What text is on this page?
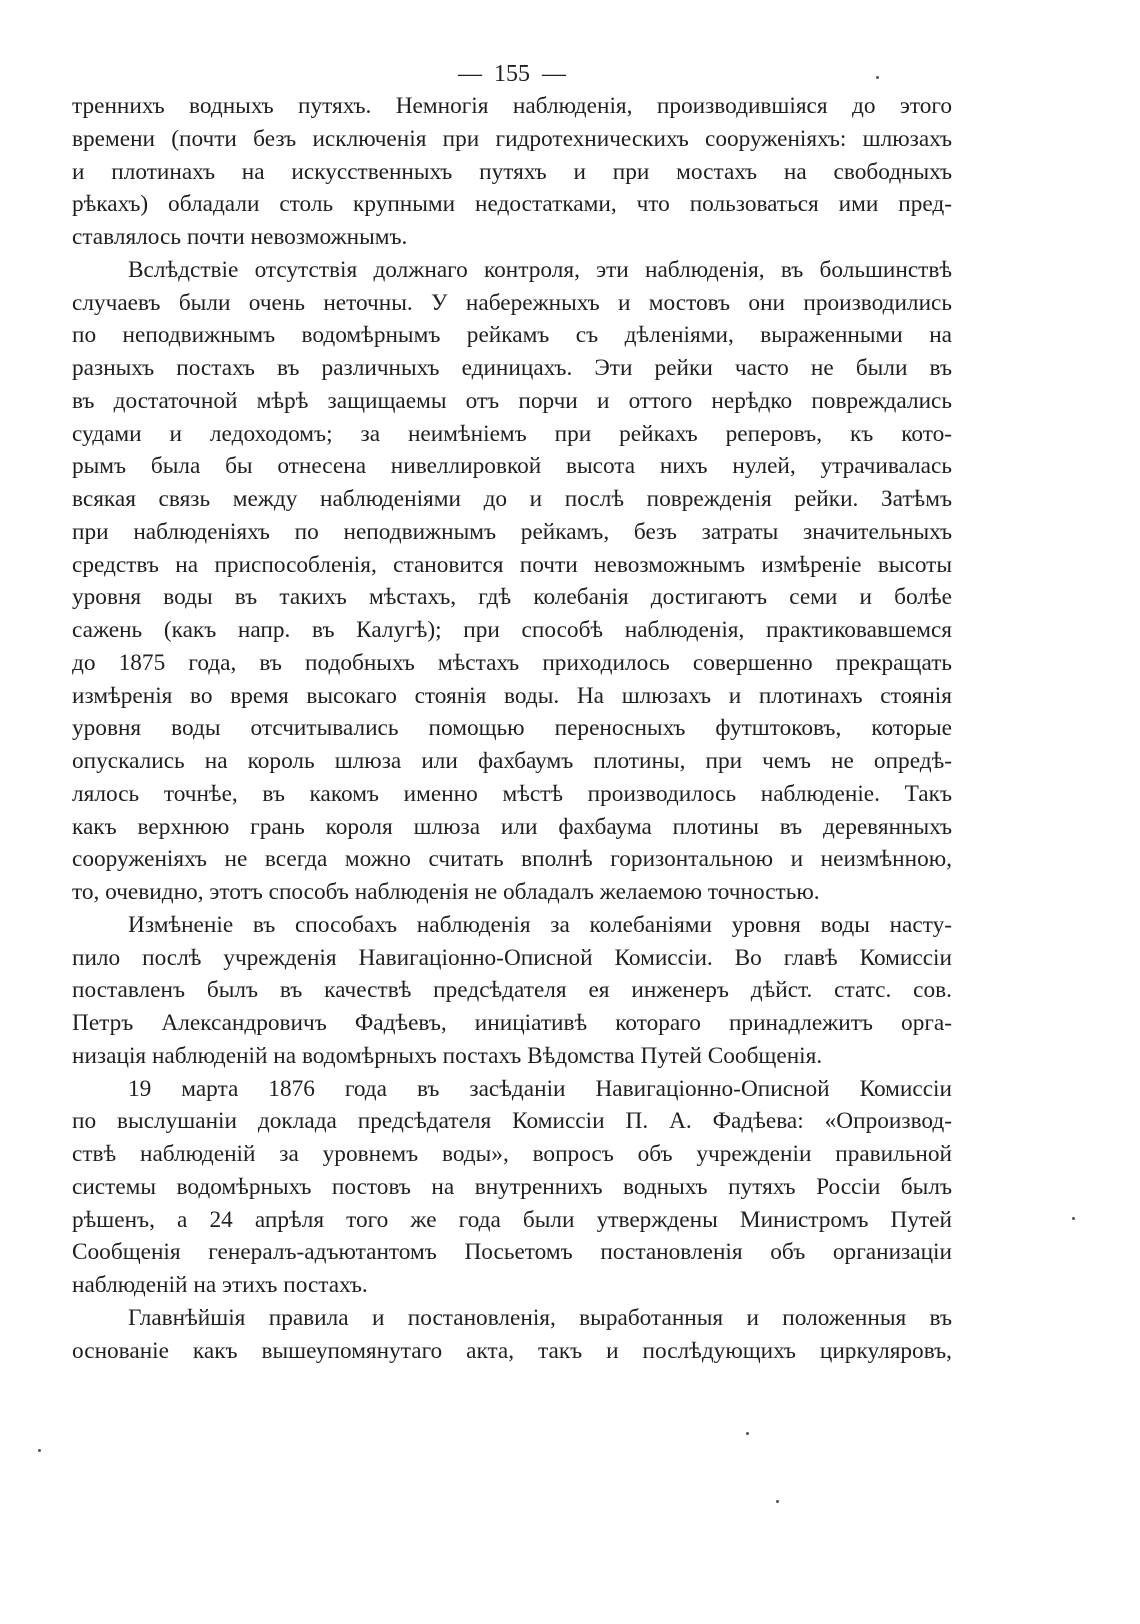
— 155 —
треннихъ водныхъ путяхъ. Немногія наблюденія, производившіяся до этого
времени (почти безъ исключенія при гидротехническихъ сооруженіяхъ: шлюзахъ
и плотинахъ на искусственныхъ путяхъ и при мостахъ на свободныхъ
рѣкахъ) обладали столь крупными недостатками, что пользоваться ими пред-
ставлялось почти невозможнымъ.
Вслѣдствіе отсутствія должнаго контроля, эти наблюденія, въ большинствѣ
случаевъ были очень неточны. У набережныхъ и мостовъ они производились
по неподвижнымъ водомѣрнымъ рейкамъ съ дѣленіями, выраженными на
разныхъ постахъ въ различныхъ единицахъ. Эти рейки часто не были въ
въ достаточной мѣрѣ защищаемы отъ порчи и оттого нерѣдко повреждались
судами и ледоходомъ; за неимѣніемъ при рейкахъ реперовъ, къ кото-
рымъ была бы отнесена нивеллировкой высота нихъ нулей, утрачивалась
всякая связь между наблюденіями до и послѣ поврежденія рейки. Затѣмъ
при наблюденіяхъ по неподвижнымъ рейкамъ, безъ затраты значительныхъ
средствъ на приспособленія, становится почти невозможнымъ измѣреніе высоты
уровня воды въ такихъ мѣстахъ, гдѣ колебанія достигаютъ семи и болѣе
сажень (какъ напр. въ Калугѣ); при способѣ наблюденія, практиковавшемся
до 1875 года, въ подобныхъ мѣстахъ приходилось совершенно прекращать
измѣренія во время высокаго стоянія воды. На шлюзахъ и плотинахъ стоянія
уровня воды отсчитывались помощью переносныхъ футштоковъ, которые
опускались на король шлюза или фахбаумъ плотины, при чемъ не опредѣ-
лялось точнѣе, въ какомъ именно мѣстѣ производилось наблюденіе. Такъ
какъ верхнюю грань короля шлюза или фахбаума плотины въ деревянныхъ
сооруженіяхъ не всегда можно считать вполнѣ горизонтальною и неизмѣнною,
то, очевидно, этотъ способъ наблюденія не обладалъ желаемою точностью.
Измѣненіе въ способахъ наблюденія за колебаніями уровня воды насту-
пило послѣ учрежденія Навигаціонно-Описной Комиссіи. Во главѣ Комиссіи
поставленъ былъ въ качествѣ предсѣдателя ея инженеръ дѣйст. статс. сов.
Петръ Александровичъ Фадѣевъ, иниціативѣ котораго принадлежитъ орга-
низація наблюденій на водомѣрныхъ постахъ Вѣдомства Путей Сообщенія.
19 марта 1876 года въ засѣданіи Навигаціонно-Описной Комиссіи
по выслушаніи доклада предсѣдателя Комиссіи П. А. Фадѣева: «Опроизвод-
ствѣ наблюденій за уровнемъ воды», вопросъ объ учрежденіи правильной
системы водомѣрныхъ постовъ на внутреннихъ водныхъ путяхъ Россіи былъ
рѣшенъ, а 24 апрѣля того же года были утверждены Министромъ Путей
Сообщенія генералъ-адъютантомъ Посьетомъ постановленія объ организаціи
наблюденій на этихъ постахъ.
Главнѣйшія правила и постановленія, выработанныя и положенныя въ
основаніе какъ вышеупомянутаго акта, такъ и послѣдующихъ циркуляровъ,
